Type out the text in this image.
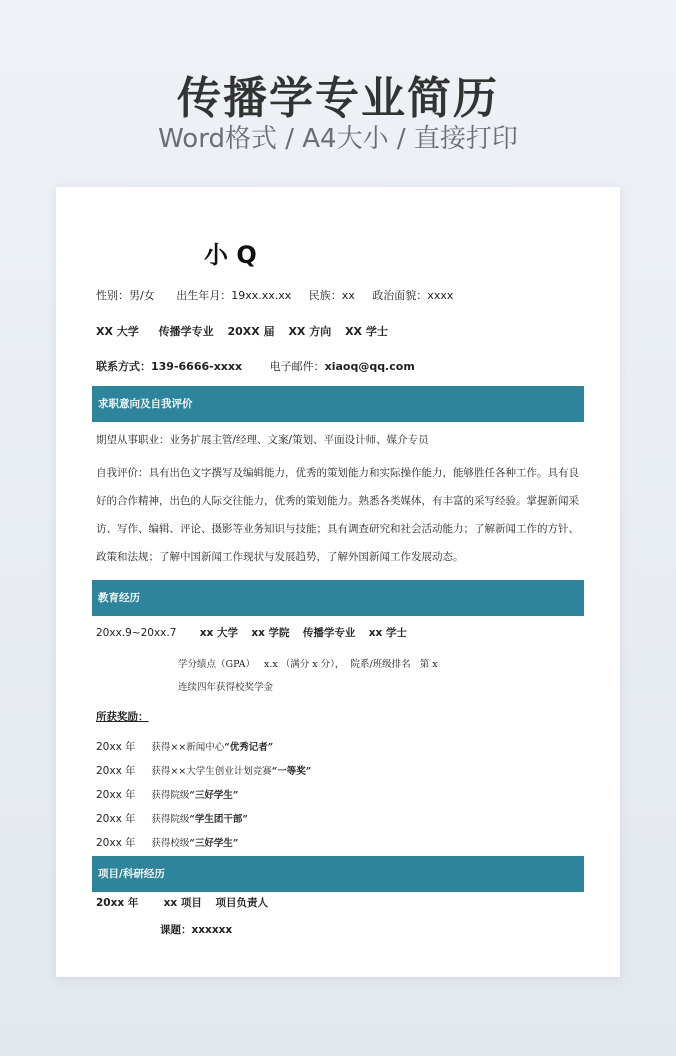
传播学专业简历
Word格式 / A4大小 / 直接打印
小 Q
性别：男/女 出生年月：19xx.xx.xx 民族：xx 政治面貌：xxxx
XX 大学 传播学专业 20XX 届 XX 方向 XX 学士
联系方式：139-6666-xxxx	电子邮件：xiaoq@qq.com
求职意向及自我评价
期望从事职业：业务扩展主管/经理、文案/策划、平面设计师、媒介专员
自我评价：具有出色文字撰写及编辑能力，优秀的策划能力和实际操作能力，能够胜任各种工作。具有良好的合作精神，出色的人际交往能力，优秀的策划能力。熟悉各类媒体，有丰富的采写经验。掌握新闻采访、写作、编辑、评论、摄影等业务知识与技能；具有调查研究和社会活动能力；了解新闻工作的方针、政策和法规；了解中国新闻工作现状与发展趋势，了解外国新闻工作发展动态。
教育经历
20xx.9~20xx.7 xx 大学 xx 学院 传播学专业 xx 学士
学分绩点（GPA）   x.x （满分 x 分），  院系/班级排名   第 x
连续四年获得校奖学金
所获奖励：
20xx 年 获得××新闻中心“优秀记者”
20xx 年 获得××大学生创业计划竞赛“一等奖”
20xx 年 获得院级“三好学生”
20xx 年 获得院级“学生团干部”
20xx 年 获得校级“三好学生”
项目/科研经历
20xx 年 xx 项目 项目负责人
课题：xxxxxx
